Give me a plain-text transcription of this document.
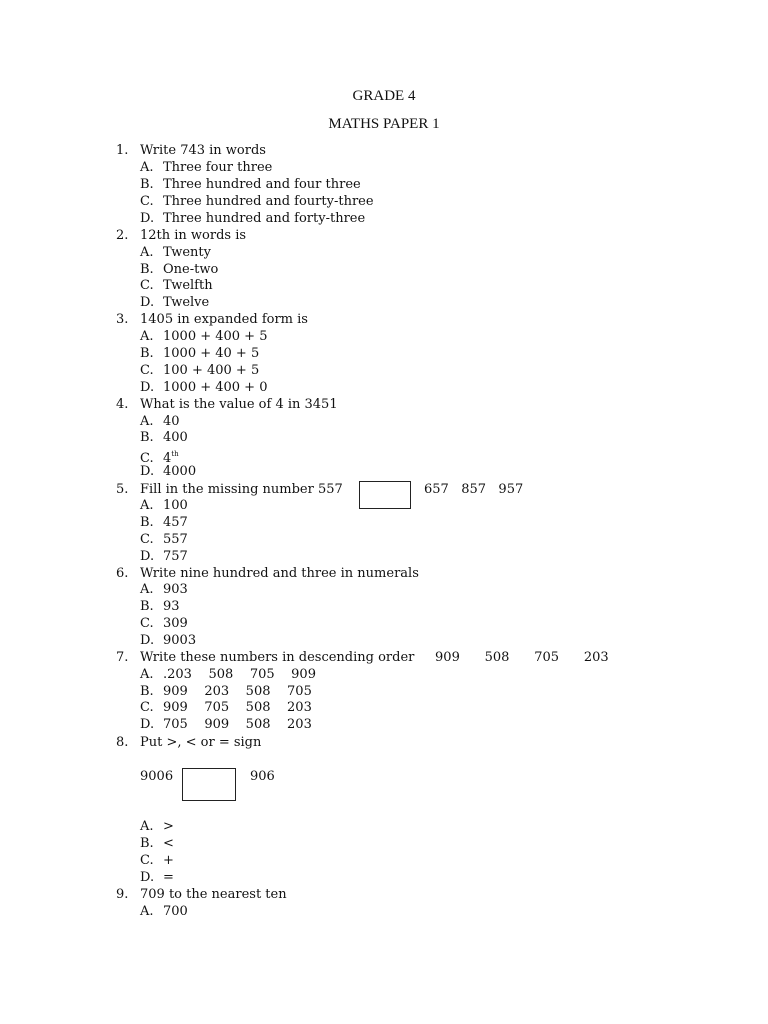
GRADE 4
MATHS PAPER 1
1. Write 743 in words
A. Three four three
B. Three hundred and four three
C. Three hundred and fourty-three
D. Three hundred and forty-three
2. 12th in words is
A. Twenty
B. One-two
C. Twelfth
D. Twelve
3. 1405 in expanded form is
A. 1000 + 400 + 5
B. 1000 + 40 + 5
C. 100 + 400 + 5
D. 1000 + 400 + 0
4. What is the value of 4 in 3451
A. 40
B. 400
C. 4th
D. 4000
5. Fill in the missing number 557	657   857   957
A. 100
B. 457
C. 557
D. 757
6. Write nine hundred and three in numerals
A. 903
B. 93
C. 309
D. 9003
7. Write these numbers in descending order     909      508      705      203
A. .203    508    705    909
B. 909    203    508    705
C. 909    705    508    203
D. 705    909    508    203
8. Put >, < or = sign
9006	906
A. >
B. <
C. +
D. =
9. 709 to the nearest ten
A. 700
